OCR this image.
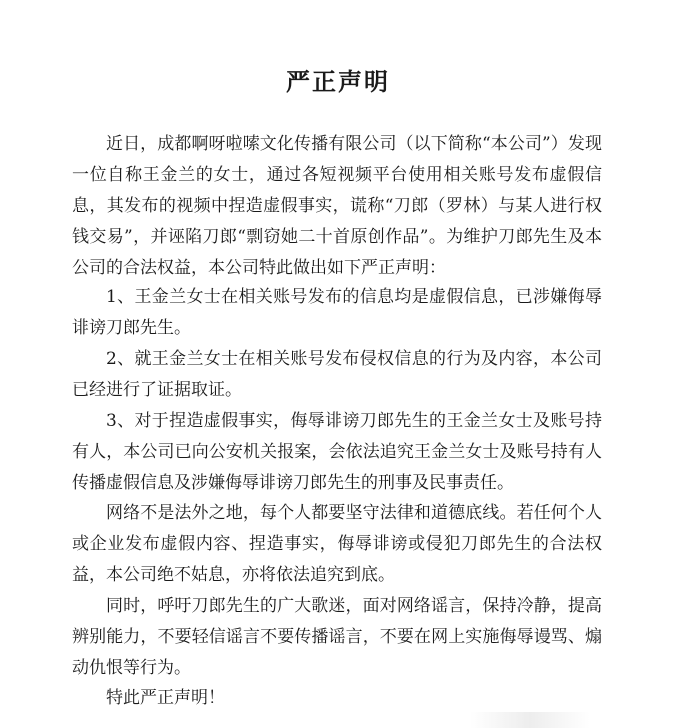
严正声明

近日，成都啊呀啦嗦文化传播有限公司（以下简称“本公司”）发现一位自称王金兰的女士，通过各短视频平台使用相关账号发布虚假信息，其发布的视频中捏造虚假事实，谎称“刀郎（罗林）与某人进行权钱交易”，并诬陷刀郎“剽窃她二十首原创作品”。为维护刀郎先生及本公司的合法权益，本公司特此做出如下严正声明：

1、王金兰女士在相关账号发布的信息均是虚假信息，已涉嫌侮辱诽谤刀郎先生。

2、就王金兰女士在相关账号发布侵权信息的行为及内容，本公司已经进行了证据取证。

3、对于捏造虚假事实，侮辱诽谤刀郎先生的王金兰女士及账号持有人，本公司已向公安机关报案，会依法追究王金兰女士及账号持有人传播虚假信息及涉嫌侮辱诽谤刀郎先生的刑事及民事责任。

网络不是法外之地，每个人都要坚守法律和道德底线。若任何个人或企业发布虚假内容、捏造事实，侮辱诽谤或侵犯刀郎先生的合法权益，本公司绝不姑息，亦将依法追究到底。

同时，呼吁刀郎先生的广大歌迷，面对网络谣言，保持冷静，提高辨别能力，不要轻信谣言不要传播谣言，不要在网上实施侮辱谩骂、煽动仇恨等行为。

特此严正声明！
